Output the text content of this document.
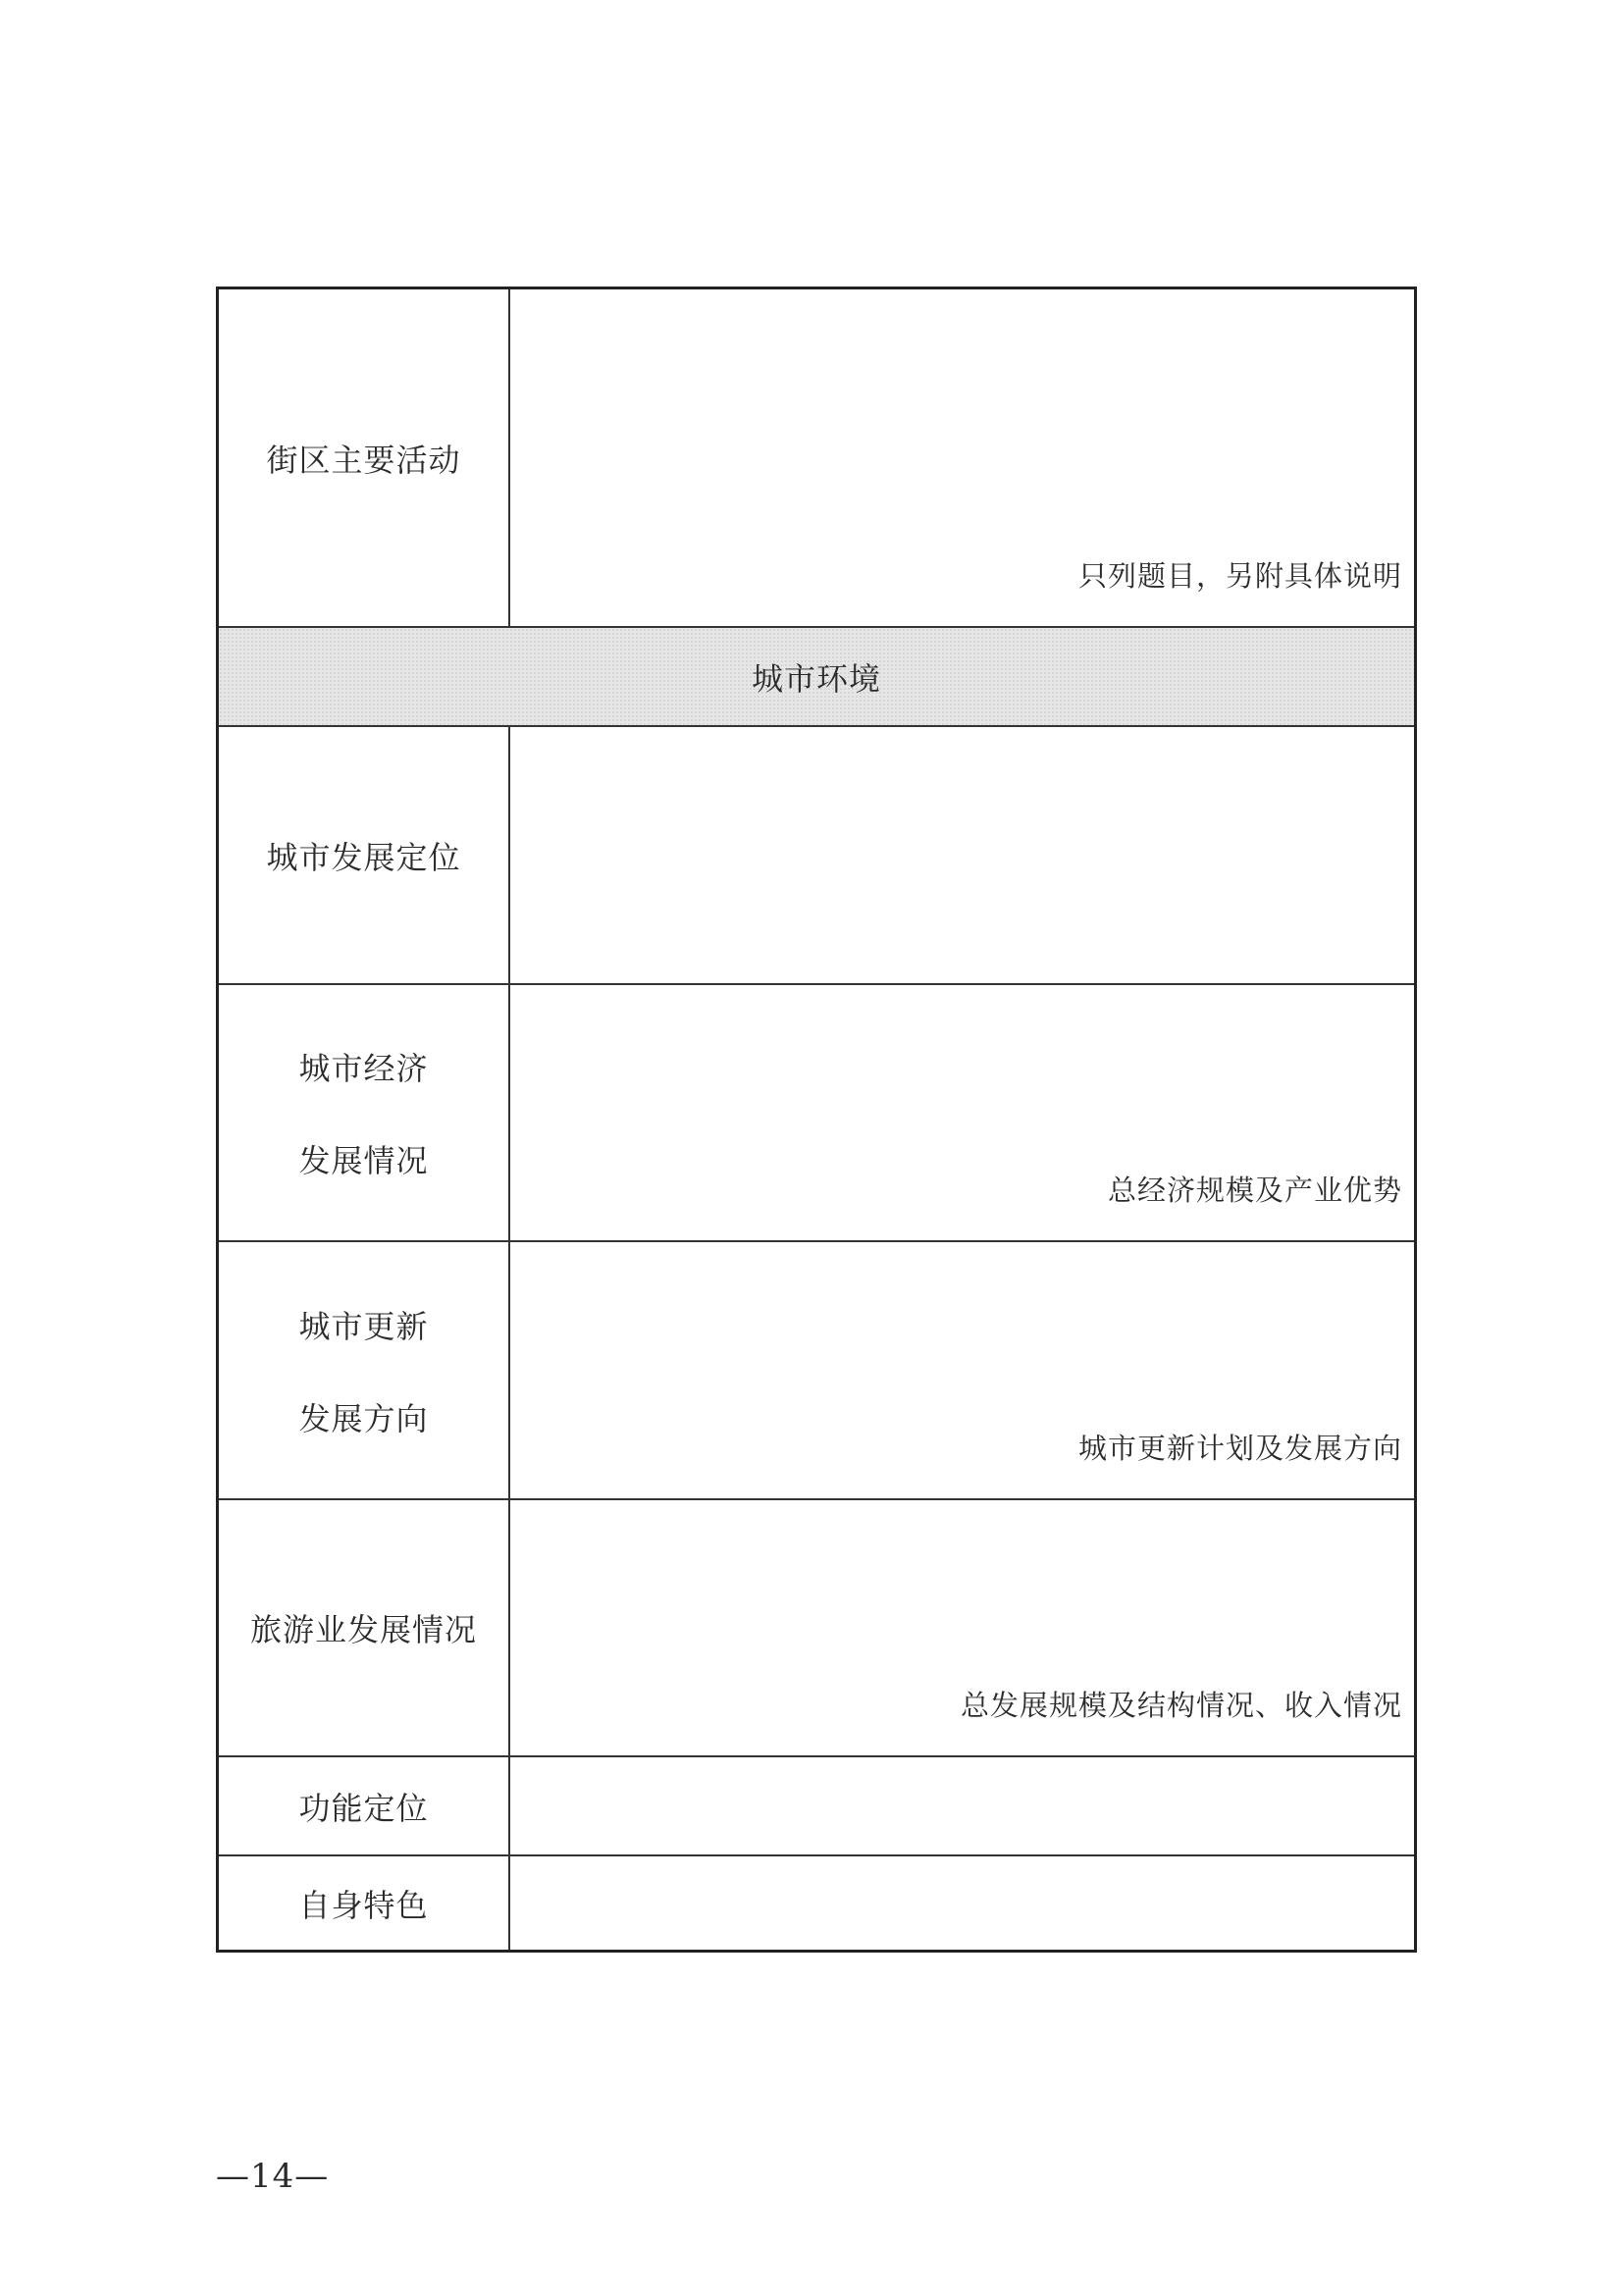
街区主要活动
只列题目，另附具体说明
城市环境
城市发展定位
城市经济
发展情况
总经济规模及产业优势
城市更新
发展方向
城市更新计划及发展方向
旅游业发展情况
总发展规模及结构情况、收入情况
功能定位
自身特色
—14—
